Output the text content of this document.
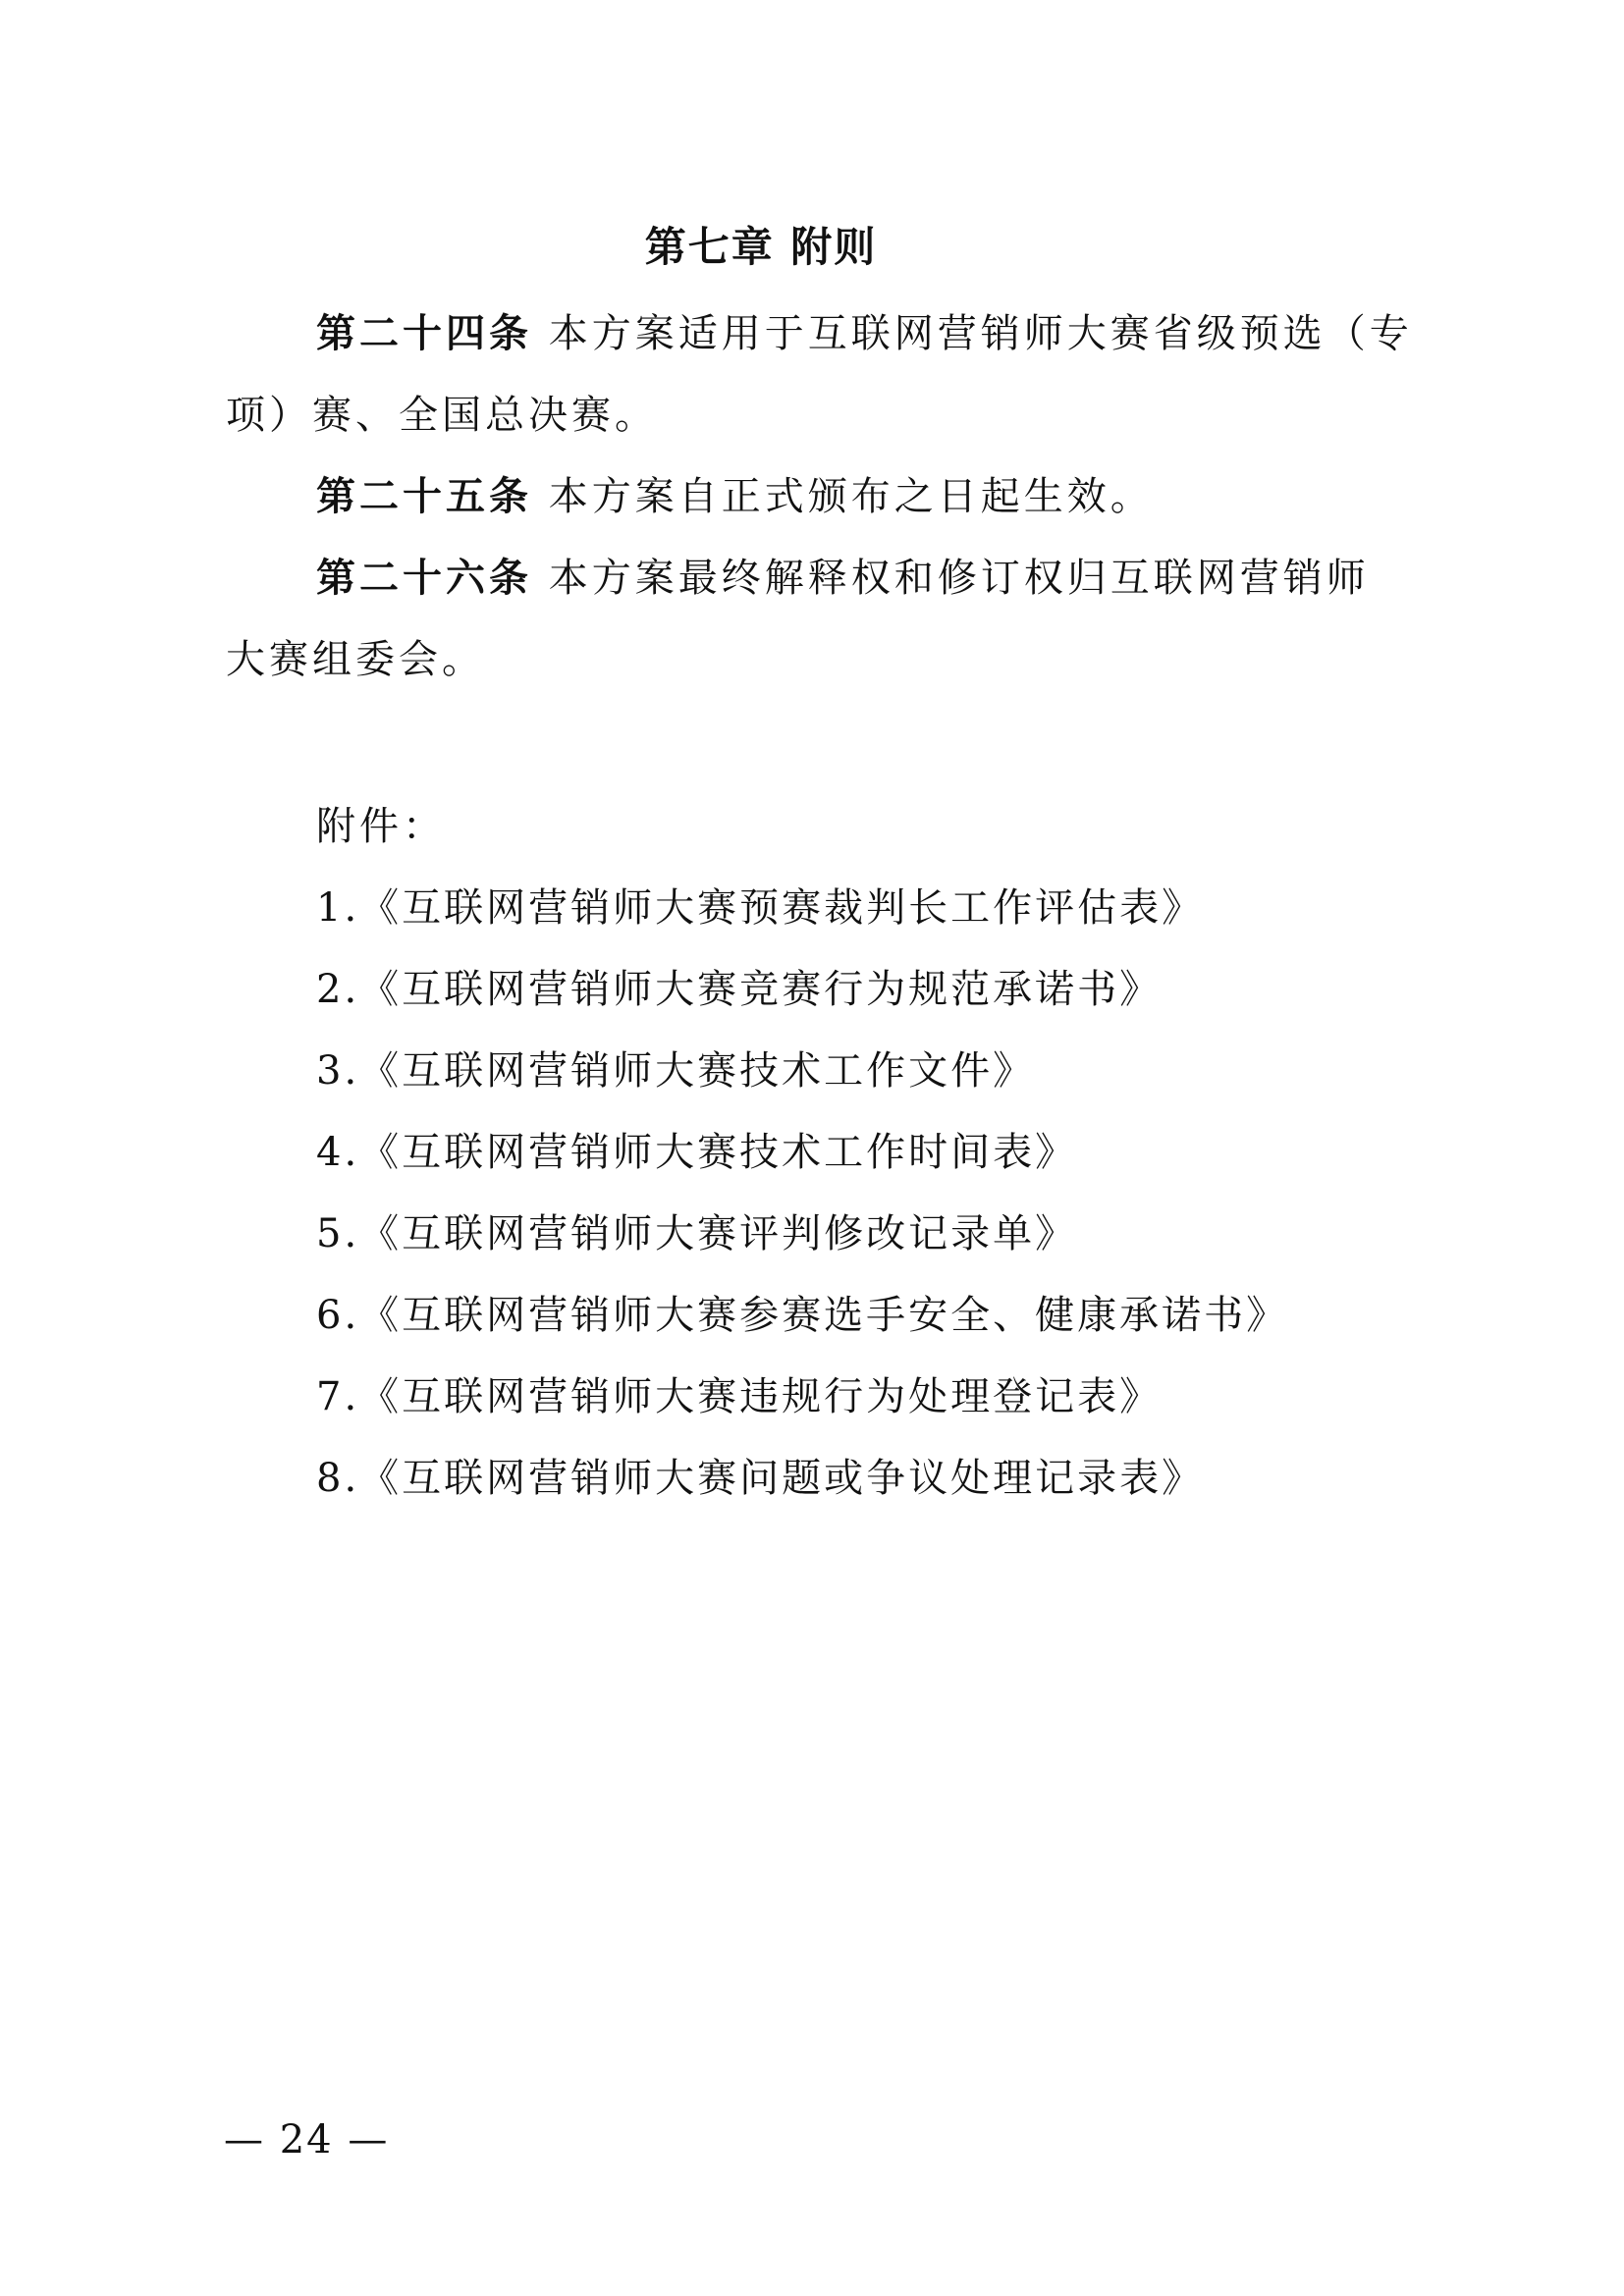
第七章 附则
第二十四条 本方案适用于互联网营销师大赛省级预选（专
项）赛、全国总决赛。
第二十五条 本方案自正式颁布之日起生效。
第二十六条 本方案最终解释权和修订权归互联网营销师
大赛组委会。
附件：
1.《互联网营销师大赛预赛裁判长工作评估表》
2.《互联网营销师大赛竞赛行为规范承诺书》
3.《互联网营销师大赛技术工作文件》
4.《互联网营销师大赛技术工作时间表》
5.《互联网营销师大赛评判修改记录单》
6.《互联网营销师大赛参赛选手安全、健康承诺书》
7.《互联网营销师大赛违规行为处理登记表》
8.《互联网营销师大赛问题或争议处理记录表》
— 24 —
